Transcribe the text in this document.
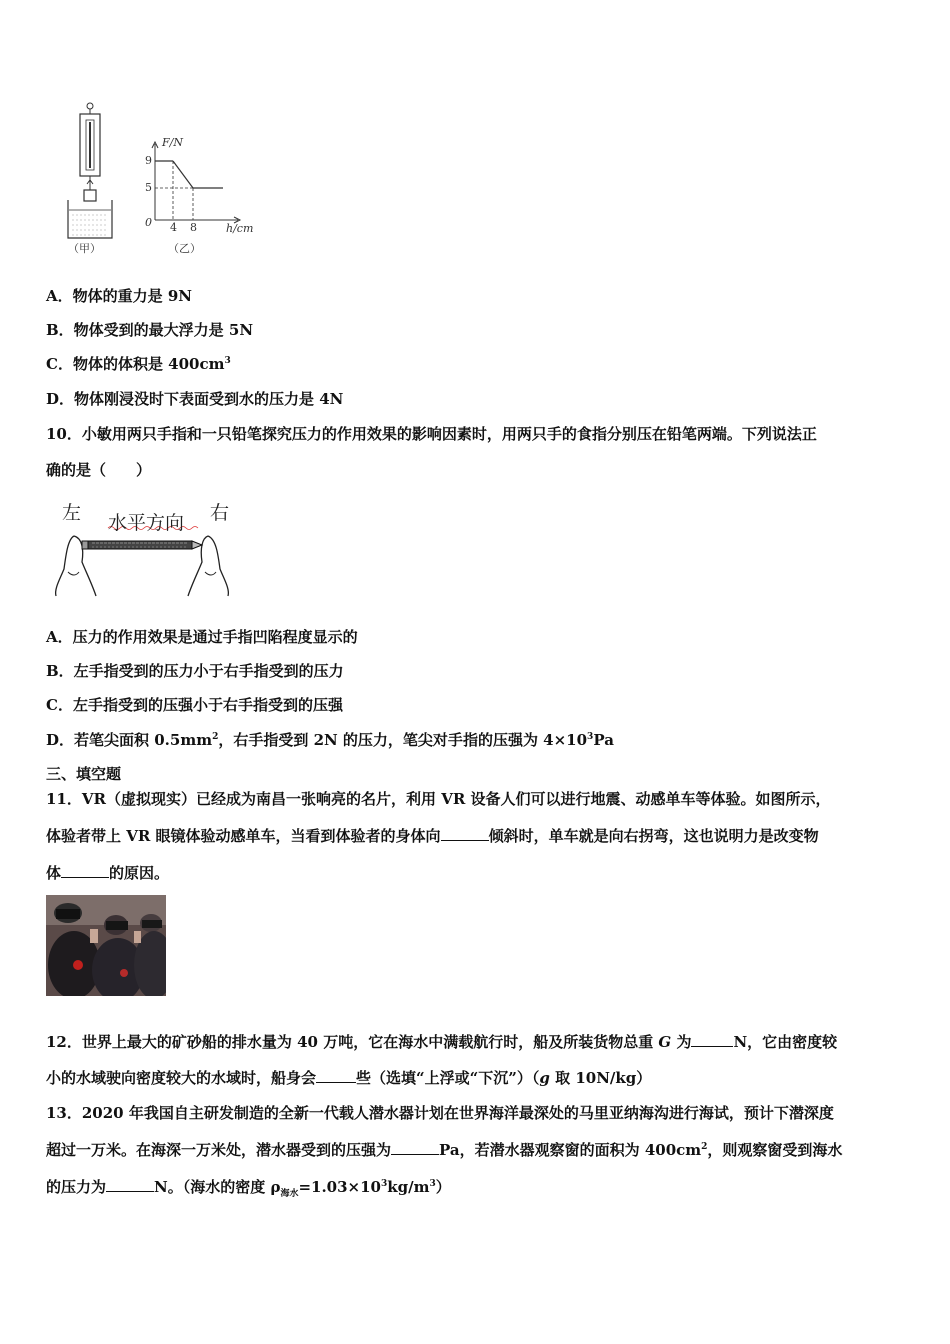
F/N
9
5
0 4 8	h/cm
（甲）	（乙）
A．物体的重力是 9N
B．物体受到的最大浮力是 5N
C．物体的体积是 $400cm^3$
D．物体刚浸没时下表面受到水的压力是 4N
10．小敏用两只手指和一只铅笔探究压力的作用效果的影响因素时，用两只手的食指分别压在铅笔两端。下列说法正
确的是（　　）
左 水平方向 右
A．压力的作用效果是通过手指凹陷程度显示的
B．左手指受到的压力小于右手指受到的压力
C．左手指受到的压强小于右手指受到的压强
D．若笔尖面积 $0.5mm^2$，右手指受到 2N 的压力，笔尖对手指的压强为 $4\times 10^3Pa$
三、填空题
11．VR（虚拟现实）已经成为南昌一张响亮的名片，利用 VR 设备人们可以进行地震、动感单车等体验。如图所示，
体验者带上 VR 眼镜体验动感单车，当看到体验者的身体向	倾斜时，单车就是向右拐弯，这也说明力是改变物
体	的原因。
12．世界上最大的矿砂船的排水量为 40 万吨，它在海水中满载航行时，船及所装货物总重 G 为	N，它由密度较
小的水域驶向密度较大的水域时，船身会	些（选填“上浮或“下沉”）（g 取 10N/kg）
13．2020 年我国自主研发制造的全新一代载人潜水器计划在世界海洋最深处的马里亚纳海沟进行海试，预计下潜深度
超过一万米。在海深一万米处，潜水器受到的压强为	Pa，若潜水器观察窗的面积为 $400cm^2$，则观察窗受到海水
的压力为	N。（海水的密度 $\rho_{海水}=1.03\times 10^3kg/m^3$）
